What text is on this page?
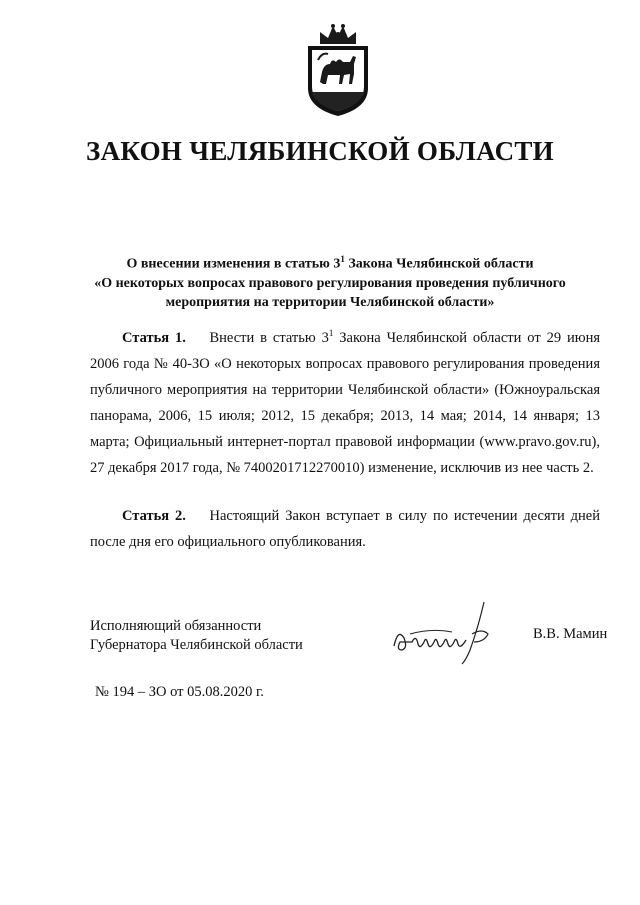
ЗАКОН ЧЕЛЯБИНСКОЙ ОБЛАСТИ
О внесении изменения в статью $3^1$ Закона Челябинской области
«О некоторых вопросах правового регулирования проведения публичного
мероприятия на территории Челябинской области»
Статья 1. Внести в статью $3^1$ Закона Челябинской области от 29 июня 2006 года № 40-ЗО «О некоторых вопросах правового регулирования проведения публичного мероприятия на территории Челябинской области» (Южноуральская панорама, 2006, 15 июля; 2012, 15 декабря; 2013, 14 мая; 2014, 14 января; 13 марта; Официальный интернет-портал правовой информации (www.pravo.gov.ru), 27 декабря 2017 года, № 7400201712270010) изменение, исключив из нее часть 2.
Статья 2. Настоящий Закон вступает в силу по истечении десяти дней после дня его официального опубликования.
Исполняющий обязанности
Губернатора Челябинской области
В.В. Мамин
№ 194 – ЗО от 05.08.2020 г.
